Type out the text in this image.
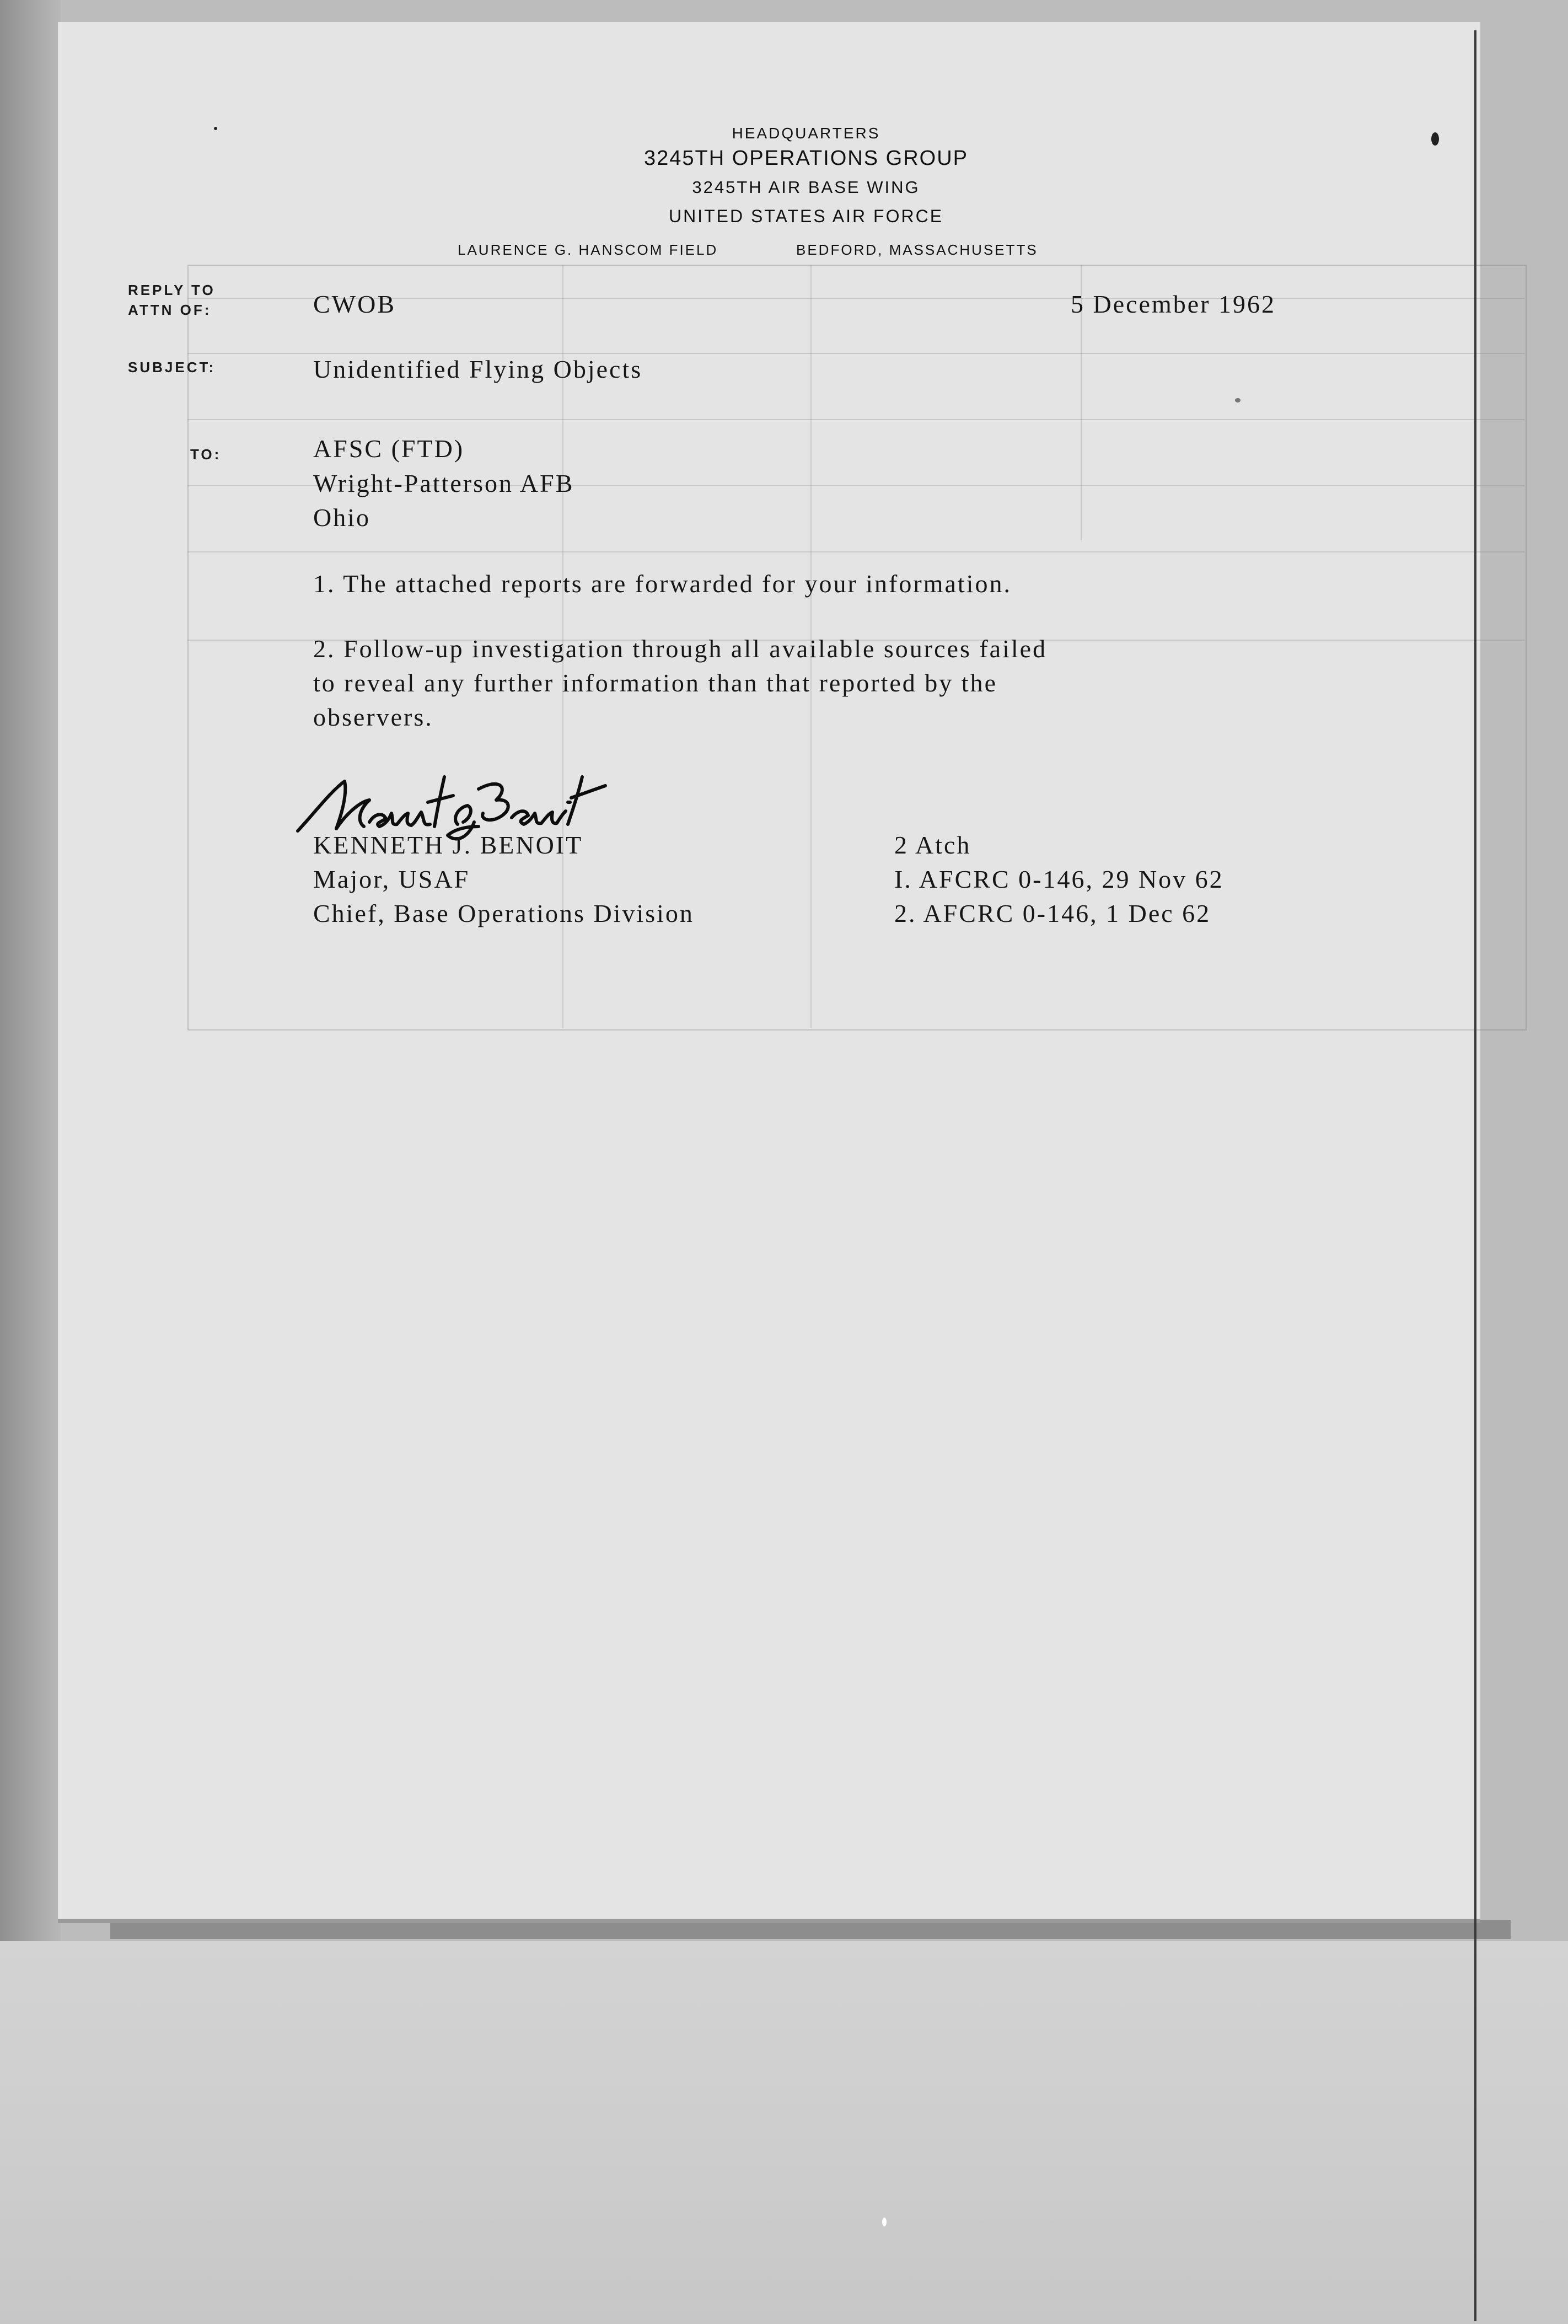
HEADQUARTERS
3245TH OPERATIONS GROUP
3245TH AIR BASE WING
UNITED STATES AIR FORCE
LAURENCE G. HANSCOM FIELD	BEDFORD, MASSACHUSETTS
REPLY TO
ATTN OF:
SUBJECT:
TO:
CWOB	5 December 1962
Unidentified Flying Objects
AFSC (FTD)
Wright-Patterson AFB
Ohio
1. The attached reports are forwarded for your information.
2. Follow-up investigation through all available sources failed
to reveal any further information than that reported by the
observers.
KENNETH J. BENOIT
Major, USAF
Chief, Base Operations Division
2 Atch
I. AFCRC 0-146, 29 Nov 62
2. AFCRC 0-146, 1 Dec 62
